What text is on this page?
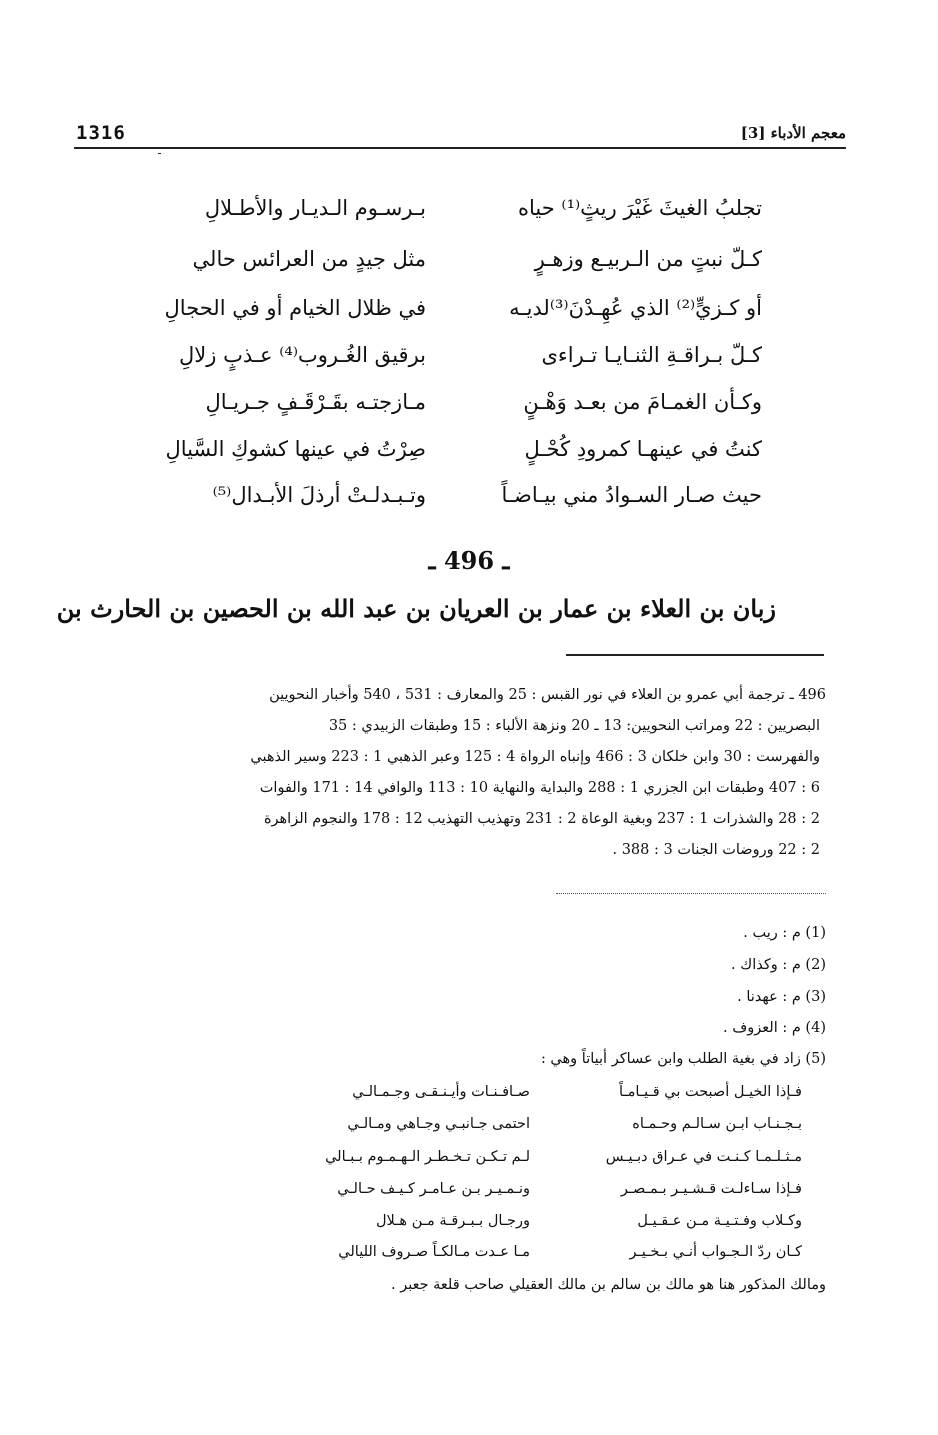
معجم الأدباء [3]
1316
ـ
تجلبُ الغيثَ غَيْرَ ريثٍ⁽¹⁾ حياه
بـرسـوم الـديـار والأطـلالِ
كـلّ نبتٍ من الـربيـع وزهـرٍ
مثل جيدٍ من العرائس حالي
أو كـزيٍّ⁽²⁾ الذي عُهِـدْنَ⁽³⁾لديـه
في ظلال الخيام أو في الحجالِ
كـلّ بـراقـةِ الثنـايـا تـراءى
برقيق الغُـروب⁽⁴⁾ عـذبٍ زلالِ
وكـأن الغمـامَ من بعـد وَهْـنٍ
مـازجتـه بقَـرْقَـفٍ جـريـالِ
كنتُ في عينهـا كمرودِ كُحْـلٍ
صِرْتُ في عينها كشوكِ السَّيالِ
حيث صـار السـوادُ مني بيـاضـاً
وتـبـدلـتْ أرذلَ الأبـدال⁽⁵⁾
ـ 496 ـ
زبان بن العلاء بن عمار بن العريان بن عبد الله بن الحصين بن الحارث بن
496 ـ ترجمة أبي عمرو بن العلاء في نور القبس : 25 والمعارف : 531 ، 540 وأخبار النحويين
البصريين : 22 ومراتب النحويين: 13 ـ 20 ونزهة الألباء : 15 وطبقات الزبيدي : 35
والفهرست : 30 وابن خلكان 3 : 466 وإنباه الرواة 4 : 125 وعبر الذهبي 1 : 223 وسير الذهبي
6 : 407 وطبقات ابن الجزري 1 : 288 والبداية والنهاية 10 : 113 والوافي 14 : 171 والفوات
2 : 28 والشذرات 1 : 237 وبغية الوعاة 2 : 231 وتهذيب التهذيب 12 : 178 والنجوم الزاهرة
2 : 22 وروضات الجنات 3 : 388 .
(1) م : ريب .
(2) م : وكذاك .
(3) م : عهدنا .
(4) م : العزوف .
(5) زاد في بغية الطلب وابن عساكر أبياتاً وهي :
فـإذا الخيـل أصبحت بي قـيـامـاً
صـافـنـات وأيـنـقـى وجـمـالـي
بـجـنـاب ابـن سـالـم وحـمـاه
احتمى جـانبـي وجـاهي ومـالـي
مـثـلـمـا كـنـت في عـراق دبـيـس
لـم تـكـن تـخـطـر الـهـمـوم بـبـالي
فـإذا سـاءلـت قـشـيـر بـمـصـر
ونـمـيـر بـن عـامـر كـيـف حـالـي
وكـلاب وفـتـيـة مـن عـقـيـل
ورجـال بـبـرقـة مـن هـلال
كـان ردّ الـجـواب أنـي بـخـيـر
مـا عـدت مـالكـاً صـروف الليالي
ومالك المذكور هنا هو مالك بن سالم بن مالك العقيلي صاحب قلعة جعبر .
